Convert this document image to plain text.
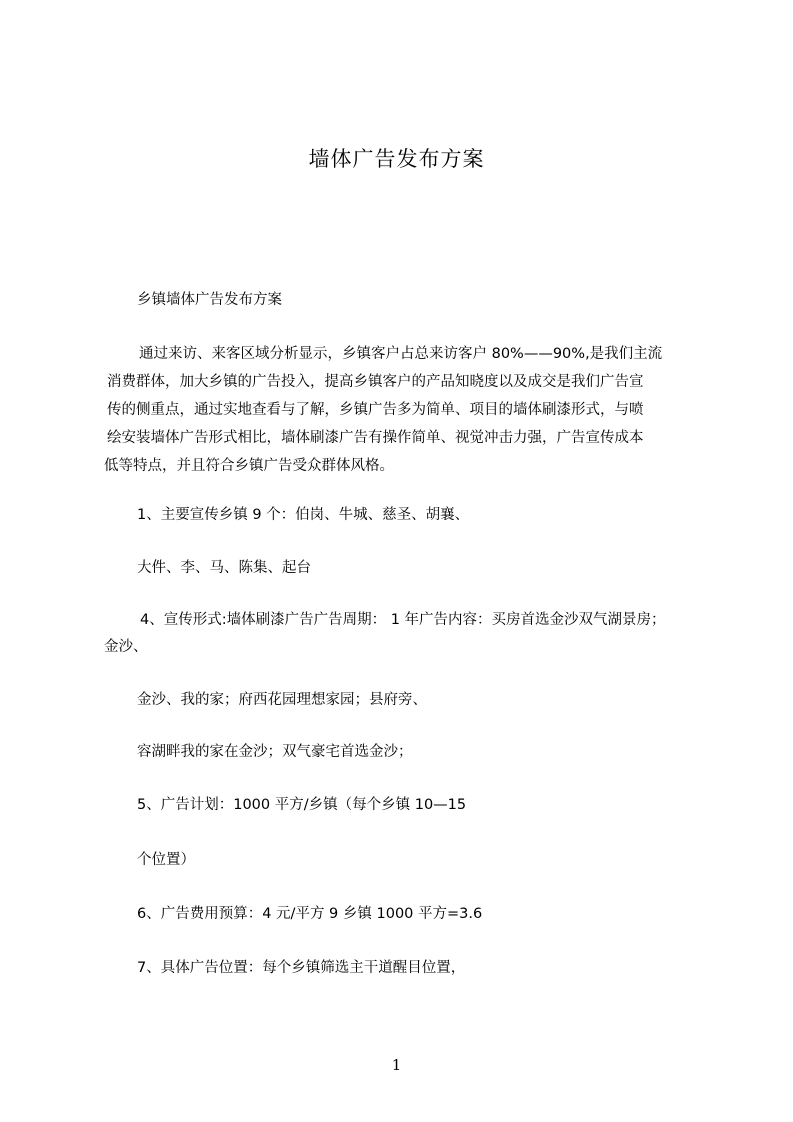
墙体广告发布方案
乡镇墙体广告发布方案
通过来访、来客区域分析显示，乡镇客户占总来访客户 80%——90%,是我们主流
消费群体，加大乡镇的广告投入，提高乡镇客户的产品知晓度以及成交是我们广告宣
传的侧重点，通过实地查看与了解，乡镇广告多为简单、项目的墙体刷漆形式，与喷
绘安装墙体广告形式相比，墙体刷漆广告有操作简单、视觉冲击力强，广告宣传成本
低等特点，并且符合乡镇广告受众群体风格。
1、主要宣传乡镇 9 个：伯岗、牛城、慈圣、胡襄、
大件、李、马、陈集、起台
4、宣传形式:墙体刷漆广告广告周期： 1 年广告内容：买房首选金沙双气湖景房；
金沙、
金沙、我的家；府西花园理想家园；县府旁、
容湖畔我的家在金沙；双气豪宅首选金沙；
5、广告计划：1000 平方/乡镇（每个乡镇 10—15
个位置）
6、广告费用预算：4 元/平方 9 乡镇 1000 平方=3.6
7、具体广告位置：每个乡镇筛选主干道醒目位置，
1
